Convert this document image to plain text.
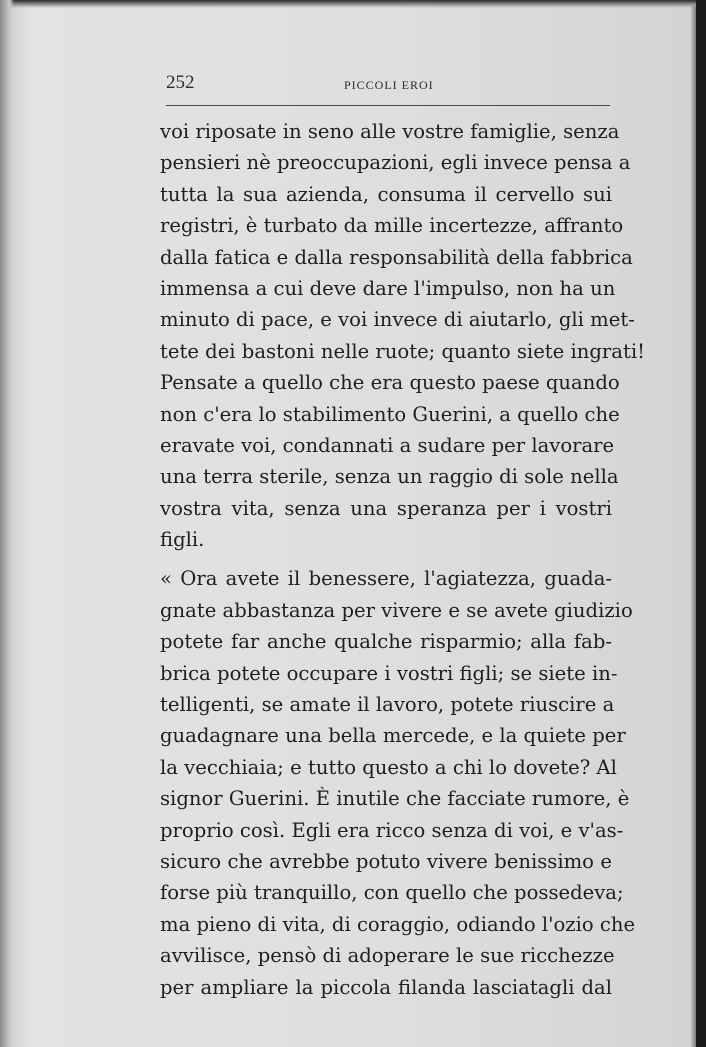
252	PICCOLI EROI
voi riposate in seno alle vostre famiglie, senza
pensieri nè preoccupazioni, egli invece pensa a
tutta la sua azienda, consuma il cervello sui
registri, è turbato da mille incertezze, affranto
dalla fatica e dalla responsabilità della fabbrica
immensa a cui deve dare l'impulso, non ha un
minuto di pace, e voi invece di aiutarlo, gli met-
tete dei bastoni nelle ruote; quanto siete ingrati!
Pensate a quello che era questo paese quando
non c'era lo stabilimento Guerini, a quello che
eravate voi, condannati a sudare per lavorare
una terra sterile, senza un raggio di sole nella
vostra vita, senza una speranza per i vostri
figli.
« Ora avete il benessere, l'agiatezza, guada-
gnate abbastanza per vivere e se avete giudizio
potete far anche qualche risparmio; alla fab-
brica potete occupare i vostri figli; se siete in-
telligenti, se amate il lavoro, potete riuscire a
guadagnare una bella mercede, e la quiete per
la vecchiaia; e tutto questo a chi lo dovete? Al
signor Guerini. È inutile che facciate rumore, è
proprio così. Egli era ricco senza di voi, e v'as-
sicuro che avrebbe potuto vivere benissimo e
forse più tranquillo, con quello che possedeva;
ma pieno di vita, di coraggio, odiando l'ozio che
avvilisce, pensò di adoperare le sue ricchezze
per ampliare la piccola filanda lasciatagli dal
